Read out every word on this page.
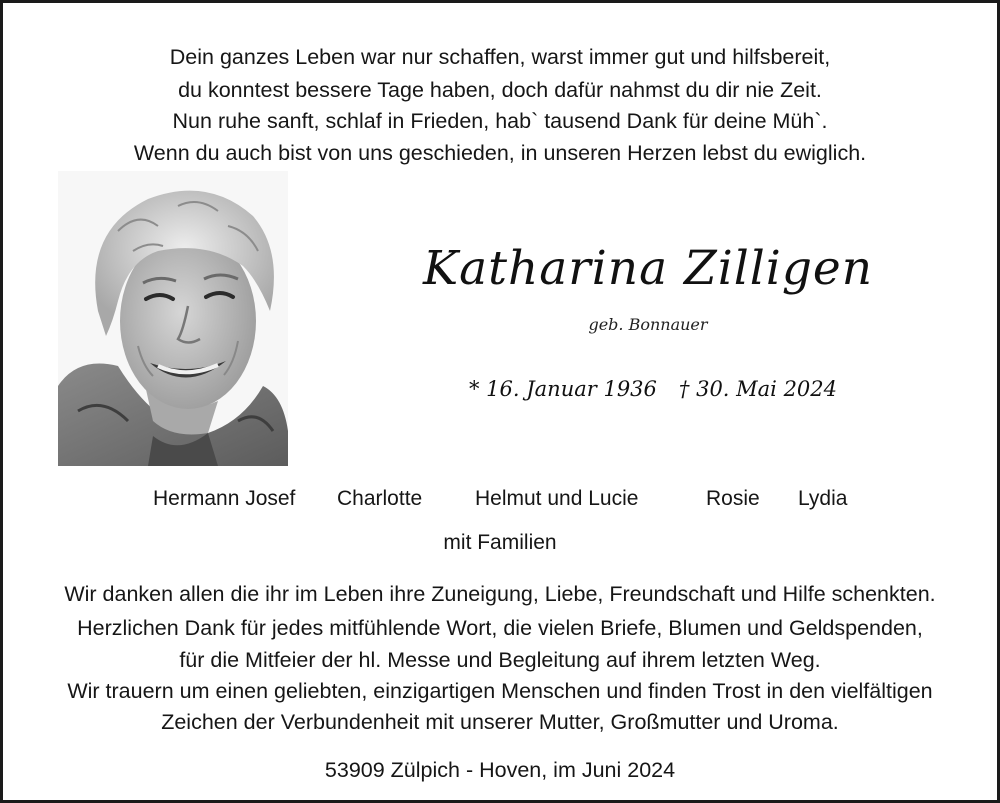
Dein ganzes Leben war nur schaffen, warst immer gut und hilfsbereit,
du konntest bessere Tage haben, doch dafür nahmst du dir nie Zeit.
Nun ruhe sanft, schlaf in Frieden, hab` tausend Dank für deine Müh`.
Wenn du auch bist von uns geschieden, in unseren Herzen lebst du ewiglich.
Katharina Zilligen
geb. Bonnauer
* 16. Januar 1936 † 30. Mai 2024
Hermann Josef Charlotte	Helmut und Lucie	Rosie Lydia
mit Familien
Wir danken allen die ihr im Leben ihre Zuneigung, Liebe, Freundschaft und Hilfe schenkten.
Herzlichen Dank für jedes mitfühlende Wort, die vielen Briefe, Blumen und Geldspenden,
für die Mitfeier der hl. Messe und Begleitung auf ihrem letzten Weg.
Wir trauern um einen geliebten, einzigartigen Menschen und finden Trost in den vielfältigen
Zeichen der Verbundenheit mit unserer Mutter, Großmutter und Uroma.
53909 Zülpich - Hoven, im Juni 2024
